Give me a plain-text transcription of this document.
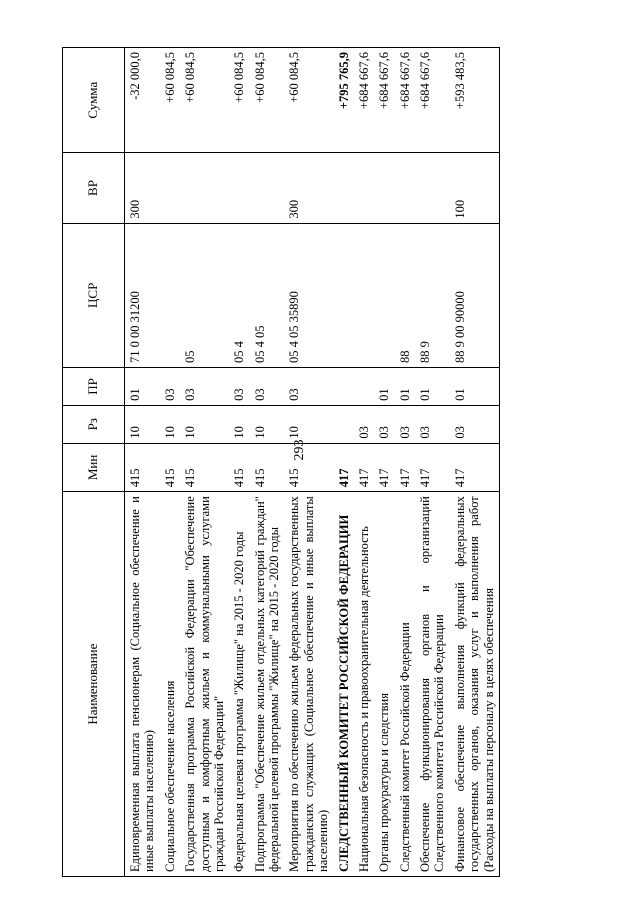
293
Наименование	Мин	Рз	ПР	ЦСР	ВР	Сумма
Единовременная выплата пенсионерам (Социальное обеспечение и иные выплаты населению)	415	10	01	71 0 00 31200	300	-32 000,0
Социальное обеспечение населения	415	10	03			+60 084,5
Государственная программа Российской Федерации "Обеспечение доступным и комфортным жильем и коммунальными услугами граждан Российской Федерации"	415	10	03	05		+60 084,5
Федеральная целевая программа "Жилище" на 2015 - 2020 годы	415	10	03	05 4		+60 084,5
Подпрограмма "Обеспечение жильем отдельных категорий граждан" федеральной целевой программы "Жилище" на 2015 - 2020 годы	415	10	03	05 4 05		+60 084,5
Мероприятия по обеспечению жильем федеральных государственных гражданских служащих (Социальное обеспечение и иные выплаты населению)	415	10	03	05 4 05 35890	300	+60 084,5
СЛЕДСТВЕННЫЙ КОМИТЕТ РОССИЙСКОЙ ФЕДЕРАЦИИ	417					+795 765,9
Национальная безопасность и правоохранительная деятельность	417	03				+684 667,6
Органы прокуратуры и следствия	417	03	01			+684 667,6
Следственный комитет Российской Федерации	417	03	01	88		+684 667,6
Обеспечение функционирования органов и организаций Следственного комитета Российской Федерации	417	03	01	88 9		+684 667,6
Финансовое обеспечение выполнения функций федеральных государственных органов, оказания услуг и выполнения работ (Расходы на выплаты персоналу в целях обеспечения	417	03	01	88 9 00 90000	100	+593 483,5
